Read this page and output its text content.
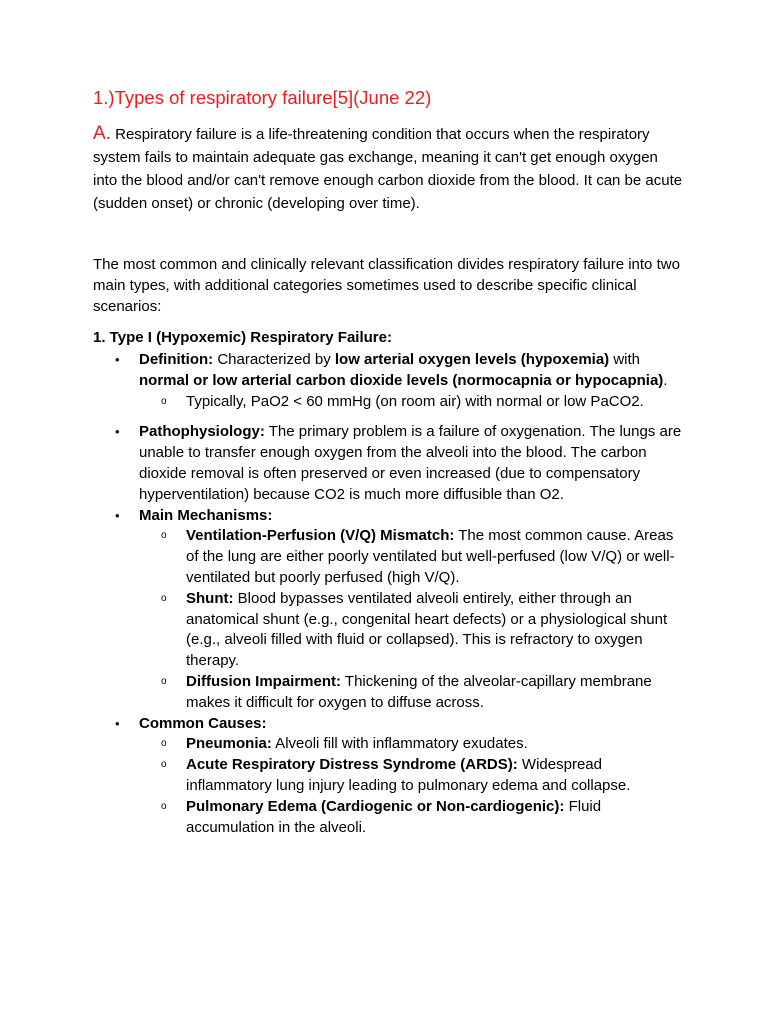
1.)Types of respiratory failure[5](June 22)

A. Respiratory failure is a life-threatening condition that occurs when the respiratory system fails to maintain adequate gas exchange, meaning it can't get enough oxygen into the blood and/or can't remove enough carbon dioxide from the blood. It can be acute (sudden onset) or chronic (developing over time).

The most common and clinically relevant classification divides respiratory failure into two main types, with additional categories sometimes used to describe specific clinical scenarios:

1. Type I (Hypoxemic) Respiratory Failure:

• Definition: Characterized by low arterial oxygen levels (hypoxemia) with normal or low arterial carbon dioxide levels (normocapnia or hypocapnia).
o Typically, PaO2 < 60 mmHg (on room air) with normal or low PaCO2.
• Pathophysiology: The primary problem is a failure of oxygenation. The lungs are unable to transfer enough oxygen from the alveoli into the blood. The carbon dioxide removal is often preserved or even increased (due to compensatory hyperventilation) because CO2 is much more diffusible than O2.
• Main Mechanisms:
o Ventilation-Perfusion (V/Q) Mismatch: The most common cause. Areas of the lung are either poorly ventilated but well-perfused (low V/Q) or well-ventilated but poorly perfused (high V/Q).
o Shunt: Blood bypasses ventilated alveoli entirely, either through an anatomical shunt (e.g., congenital heart defects) or a physiological shunt (e.g., alveoli filled with fluid or collapsed). This is refractory to oxygen therapy.
o Diffusion Impairment: Thickening of the alveolar-capillary membrane makes it difficult for oxygen to diffuse across.
• Common Causes:
o Pneumonia: Alveoli fill with inflammatory exudates.
o Acute Respiratory Distress Syndrome (ARDS): Widespread inflammatory lung injury leading to pulmonary edema and collapse.
o Pulmonary Edema (Cardiogenic or Non-cardiogenic): Fluid accumulation in the alveoli.
